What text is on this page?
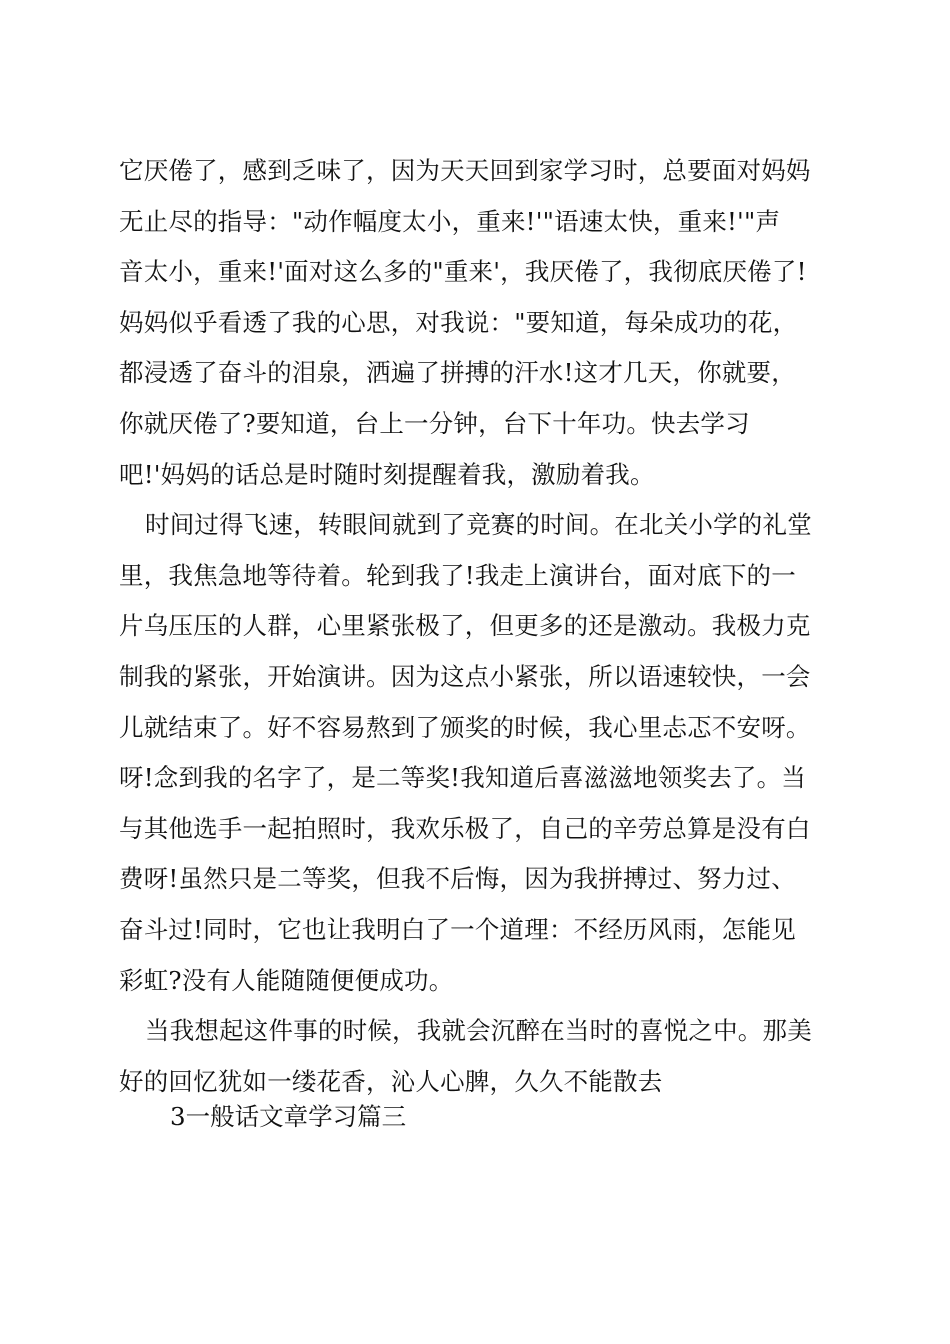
它厌倦了，感到乏味了，因为天天回到家学习时，总要面对妈妈
无止尽的指导："动作幅度太小，重来!'"语速太快，重来!'"声
音太小，重来!'面对这么多的"重来'，我厌倦了，我彻底厌倦了!
妈妈似乎看透了我的心思，对我说："要知道，每朵成功的花，
都浸透了奋斗的泪泉，洒遍了拼搏的汗水!这才几天，你就要，
你就厌倦了?要知道，台上一分钟，台下十年功。快去学习
吧!'妈妈的话总是时随时刻提醒着我，激励着我。
时间过得飞速，转眼间就到了竞赛的时间。在北关小学的礼堂
里，我焦急地等待着。轮到我了!我走上演讲台，面对底下的一
片乌压压的人群，心里紧张极了，但更多的还是激动。我极力克
制我的紧张，开始演讲。因为这点小紧张，所以语速较快，一会
儿就结束了。好不容易熬到了颁奖的时候，我心里忐忑不安呀。
呀!念到我的名字了，是二等奖!我知道后喜滋滋地领奖去了。当
与其他选手一起拍照时，我欢乐极了，自己的辛劳总算是没有白
费呀!虽然只是二等奖，但我不后悔，因为我拼搏过、努力过、
奋斗过!同时，它也让我明白了一个道理：不经历风雨，怎能见
彩虹?没有人能随随便便成功。
当我想起这件事的时候，我就会沉醉在当时的喜悦之中。那美
好的回忆犹如一缕花香，沁人心脾，久久不能散去
3一般话文章学习篇三
